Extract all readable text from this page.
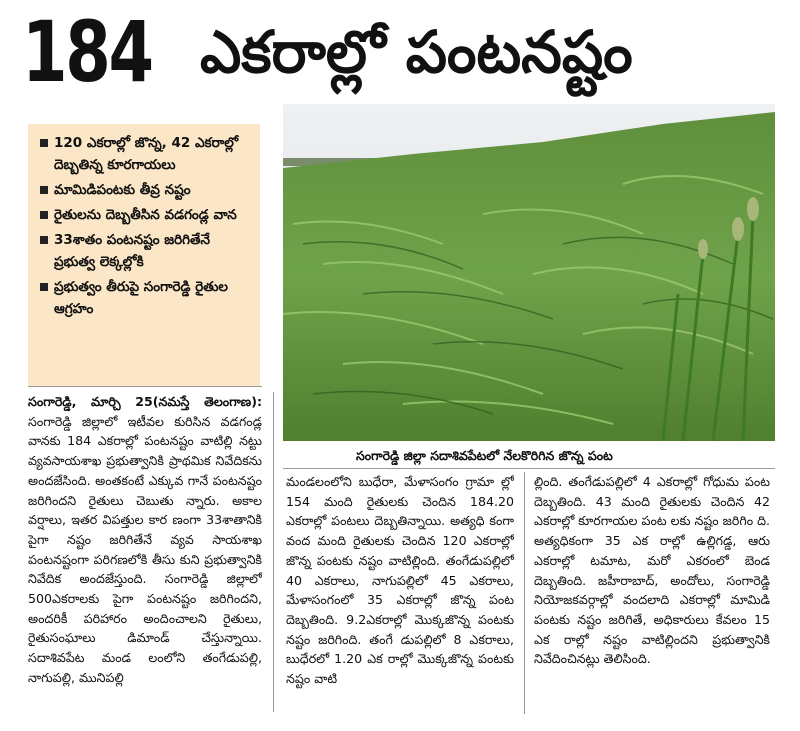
184 ఎకరాల్లో పంటనష్టం
120 ఎకరాల్లో జొన్న, 42 ఎకరాల్లో దెబ్బతిన్న కూరగాయలు
మామిడిపంటకు తీవ్ర నష్టం
రైతులను దెబ్బతీసిన వడగండ్ల వాన
33శాతం పంటనష్టం జరిగితేనే ప్రభుత్వ లెక్కల్లోకి
ప్రభుత్వం తీరుపై సంగారెడ్డి రైతుల ఆగ్రహం
సంగారెడ్డి జిల్లా సదాశివపేటలో నేలకొరిగిన జొన్న పంట
సంగారెడ్డి, మార్చి 25(నమస్తే తెలంగాణ): సంగారెడ్డి జిల్లాలో ఇటీవల కురిసిన వడగండ్ల వానకు 184 ఎకరాల్లో పంటనష్టం వాటిల్లి నట్టు వ్యవసాయశాఖ ప్రభుత్వానికి ప్రాథమిక నివేదికను అందజేసింది. అంతకంటే ఎక్కువ గానే పంటనష్టం జరిగిందని రైతులు చెబుతు న్నారు. అకాల వర్షాలు, ఇతర విపత్తుల కార ణంగా 33శాతానికి పైగా నష్టం జరిగితేనే వ్యవ సాయశాఖ పంటనష్టంగా పరిగణలోకి తీసు కుని ప్రభుత్వానికి నివేదిక అందజేస్తుంది. సంగారెడ్డి జిల్లాలో 500ఎకరాలకు పైగా పంటనష్టం జరిగిందని, అందరికీ పరిహారం అందించాలని రైతులు, రైతుసంఘాలు డిమాండ్ చేస్తున్నాయి. సదాశివపేట మండ లంలోని తంగేడుపల్లి, నాగుపల్లి, మునిపల్లి
మండలంలోని బుధేరా, మేళాసంగం గ్రామా ల్లో 154 మంది రైతులకు చెందిన 184.20 ఎకరాల్లో పంటలు దెబ్బతిన్నాయి. అత్యధి కంగా వంద మంది రైతులకు చెందిన 120 ఎకరాల్లో జొన్న పంటకు నష్టం వాటిల్లింది. తంగేడుపల్లిలో 40 ఎకరాలు, నాగుపల్లిలో 45 ఎకరాలు, మేళాసంగంలో 35 ఎకరాల్లో జొన్న పంట దెబ్బతింది. 9.2ఎకరాల్లో మొక్కజొన్న పంటకు నష్టం జరిగింది. తంగే డుపల్లిలో 8 ఎకరాలు, బుధేరలో 1.20 ఎక రాల్లో మొక్కజొన్న పంటకు నష్టం వాటి
ల్లింది. తంగేడుపల్లిలో 4 ఎకరాల్లో గోధుమ పంట దెబ్బతింది. 43 మంది రైతులకు చెందిన 42 ఎకరాల్లో కూరగాయల పంట లకు నష్టం జరిగిం ది. అత్యధికంగా 35 ఎక రాల్లో ఉల్లిగడ్డ, ఆరు ఎకరాల్లో టమాట, మరో ఎకరంలో బెండ దెబ్బతింది. జహీరాబాద్, అందోలు, సంగారెడ్డి నియోజకవర్గాల్లో వందలాది ఎకరాల్లో మామిడి పంటకు నష్టం జరిగితే, అధికారులు కేవలం 15 ఎక రాల్లో నష్టం వాటిల్లిందని ప్రభుత్వానికి నివేదించినట్లు తెలిసింది.
